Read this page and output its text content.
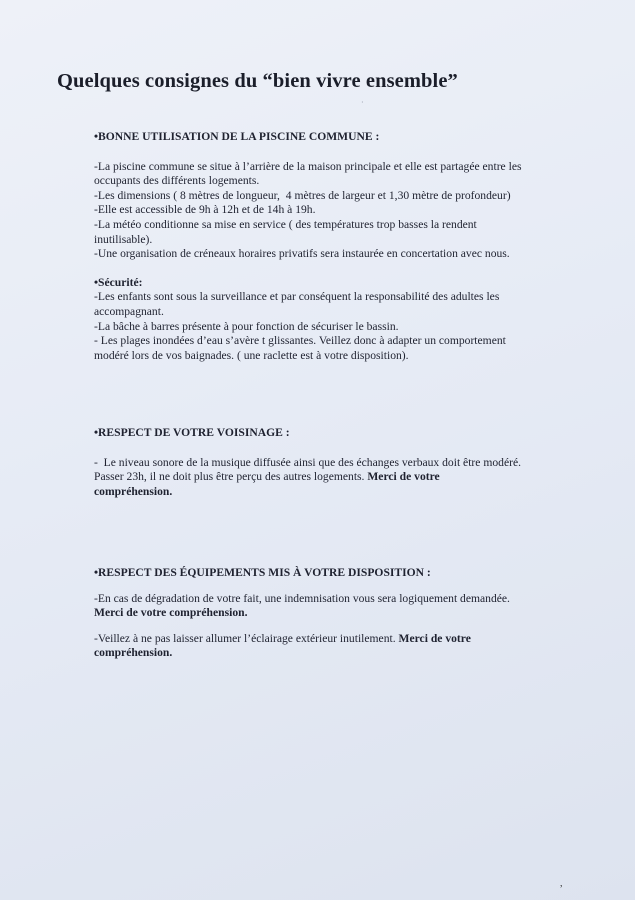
Quelques consignes du “bien vivre ensemble”
·
•BONNE UTILISATION DE LA PISCINE COMMUNE :
-La piscine commune se situe à l’arrière de la maison principale et elle est partagée entre les
occupants des différents logements.
-Les dimensions ( 8 mètres de longueur,  4 mètres de largeur et 1,30 mètre de profondeur)
-Elle est accessible de 9h à 12h et de 14h à 19h.
-La météo conditionne sa mise en service ( des températures trop basses la rendent
inutilisable).
-Une organisation de créneaux horaires privatifs sera instaurée en concertation avec nous.
•Sécurité:
-Les enfants sont sous la surveillance et par conséquent la responsabilité des adultes les
accompagnant.
-La bâche à barres présente à pour fonction de sécuriser le bassin.
- Les plages inondées d’eau s’avère t glissantes. Veillez donc à adapter un comportement
modéré lors de vos baignades. ( une raclette est à votre disposition).
•RESPECT DE VOTRE VOISINAGE :
-  Le niveau sonore de la musique diffusée ainsi que des échanges verbaux doit être modéré.
Passer 23h, il ne doit plus être perçu des autres logements. Merci de votre
compréhension.
•RESPECT DES ÉQUIPEMENTS MIS À VOTRE DISPOSITION :
-En cas de dégradation de votre fait, une indemnisation vous sera logiquement demandée.
Merci de votre compréhension.
-Veillez à ne pas laisser allumer l’éclairage extérieur inutilement. Merci de votre
compréhension.
,
